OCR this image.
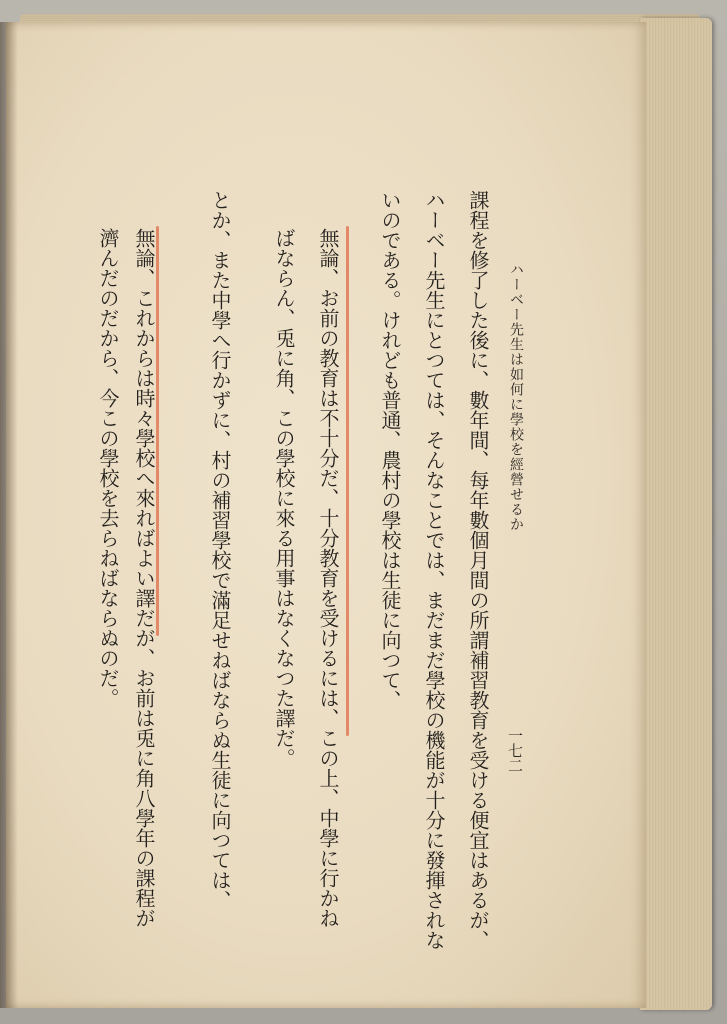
ハーベー先生は如何に學校を經營せるか
一七二
課程を修了した後に、數年間、每年數個月間の所謂補習教育を受ける便宜はあるが、
ハーベー先生にとつては、そんなことでは、まだまだ學校の機能が十分に發揮されな
いのである。けれども普通、農村の學校は生徒に向つて、
無論、お前の教育は不十分だ、十分教育を受けるには、この上、中學に行かね
ばならん、兎に角、この學校に來る用事はなくなつた譯だ。
とか、また中學へ行かずに、村の補習學校で滿足せねばならぬ生徒に向つては、
無論、これからは時々學校へ來ればよい譯だが、お前は兎に角八學年の課程が
濟んだのだから、今この學校を去らねばならぬのだ。
